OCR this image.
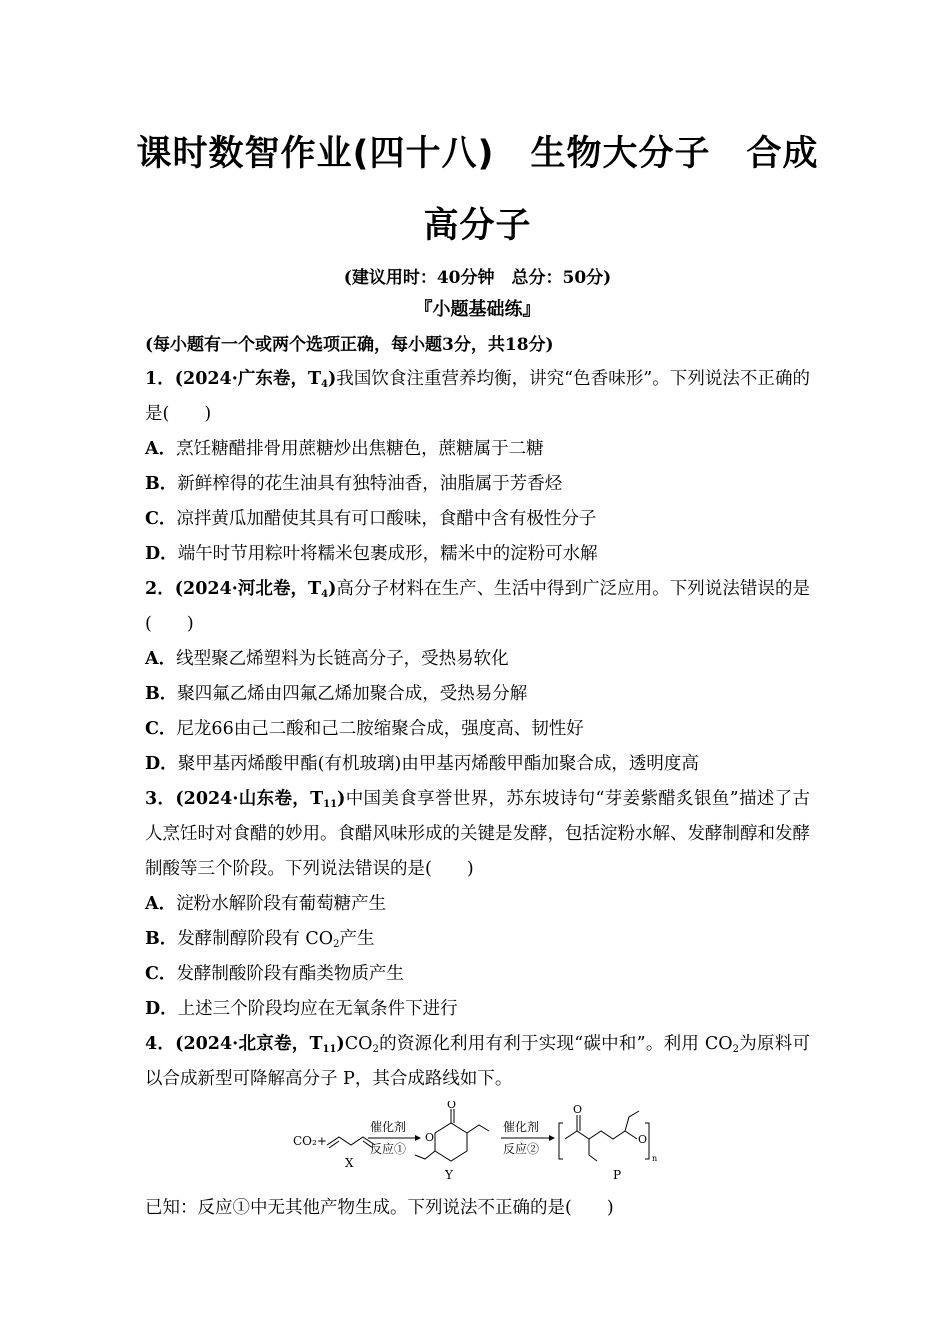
课时数智作业(四十八)　生物大分子　合成
高分子
(建议用时：40分钟　总分：50分)
『小题基础练』
(每小题有一个或两个选项正确，每小题3分，共18分)

1．(2024·广东卷，$T_4$)我国饮食注重营养均衡，讲究“色香味形”。下列说法不正确的是(　　)

A．烹饪糖醋排骨用蔗糖炒出焦糖色，蔗糖属于二糖

B．新鲜榨得的花生油具有独特油香，油脂属于芳香烃

C．凉拌黄瓜加醋使其具有可口酸味，食醋中含有极性分子

D．端午时节用粽叶将糯米包裹成形，糯米中的淀粉可水解

2．(2024·河北卷，$T_4$)高分子材料在生产、生活中得到广泛应用。下列说法错误的是(　　)

A．线型聚乙烯塑料为长链高分子，受热易软化

B．聚四氟乙烯由四氟乙烯加聚合成，受热易分解

C．尼龙66由己二酸和己二胺缩聚合成，强度高、韧性好

D．聚甲基丙烯酸甲酯(有机玻璃)由甲基丙烯酸甲酯加聚合成，透明度高

3．(2024·山东卷，$T_{11}$)中国美食享誉世界，苏东坡诗句“芽姜紫醋炙银鱼”描述了古人烹饪时对食醋的妙用。食醋风味形成的关键是发酵，包括淀粉水解、发酵制醇和发酵制酸等三个阶段。下列说法错误的是(　　)

A．淀粉水解阶段有葡萄糖产生

B．发酵制醇阶段有 $CO_2$产生

C．发酵制酸阶段有酯类物质产生

D．上述三个阶段均应在无氧条件下进行

4．(2024·北京卷，$T_{11})CO_2$的资源化利用有利于实现“碳中和”。利用 $CO_2$为原料可以合成新型可降解高分子 P，其合成路线如下。

CO₂+
X
催化剂
反应①
O
O
Y
催化剂
反应②
O
O
n
P

已知：反应①中无其他产物生成。下列说法不正确的是(　　)
